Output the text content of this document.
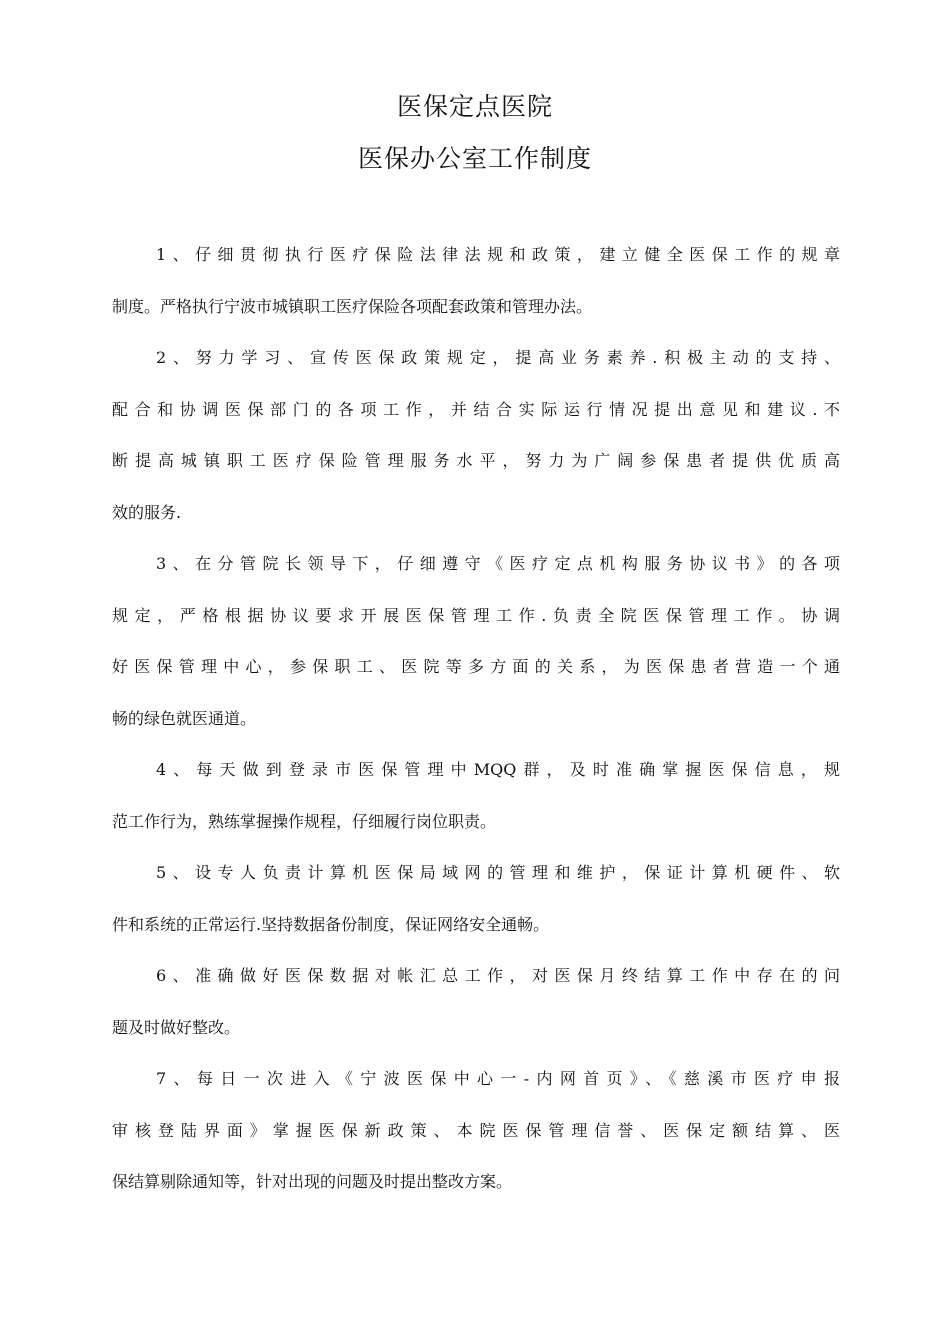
医保定点医院
医保办公室工作制度
1、仔细贯彻执行医疗保险法律法规和政策，建立健全医保工作的规章
制度。严格执行宁波市城镇职工医疗保险各项配套政策和管理办法。
2、努力学习、宣传医保政策规定，提高业务素养.积极主动的支持、
配合和协调医保部门的各项工作，并结合实际运行情况提出意见和建议.不
断提高城镇职工医疗保险管理服务水平，努力为广阔参保患者提供优质高
效的服务.
3、在分管院长领导下，仔细遵守《医疗定点机构服务协议书》的各项
规定，严格根据协议要求开展医保管理工作.负责全院医保管理工作。协调
好医保管理中心，参保职工、医院等多方面的关系，为医保患者营造一个通
畅的绿色就医通道。
4、每天做到登录市医保管理中MQQ群，及时准确掌握医保信息，规
范工作行为，熟练掌握操作规程，仔细履行岗位职责。
5、设专人负责计算机医保局域网的管理和维护，保证计算机硬件、软
件和系统的正常运行.坚持数据备份制度，保证网络安全通畅。
6、准确做好医保数据对帐汇总工作，对医保月终结算工作中存在的问
题及时做好整改。
7、每日一次进入《宁波医保中心一-内网首页》、《慈溪市医疗申报
审核登陆界面》掌握医保新政策、本院医保管理信誉、医保定额结算、医
保结算剔除通知等，针对出现的问题及时提出整改方案。
